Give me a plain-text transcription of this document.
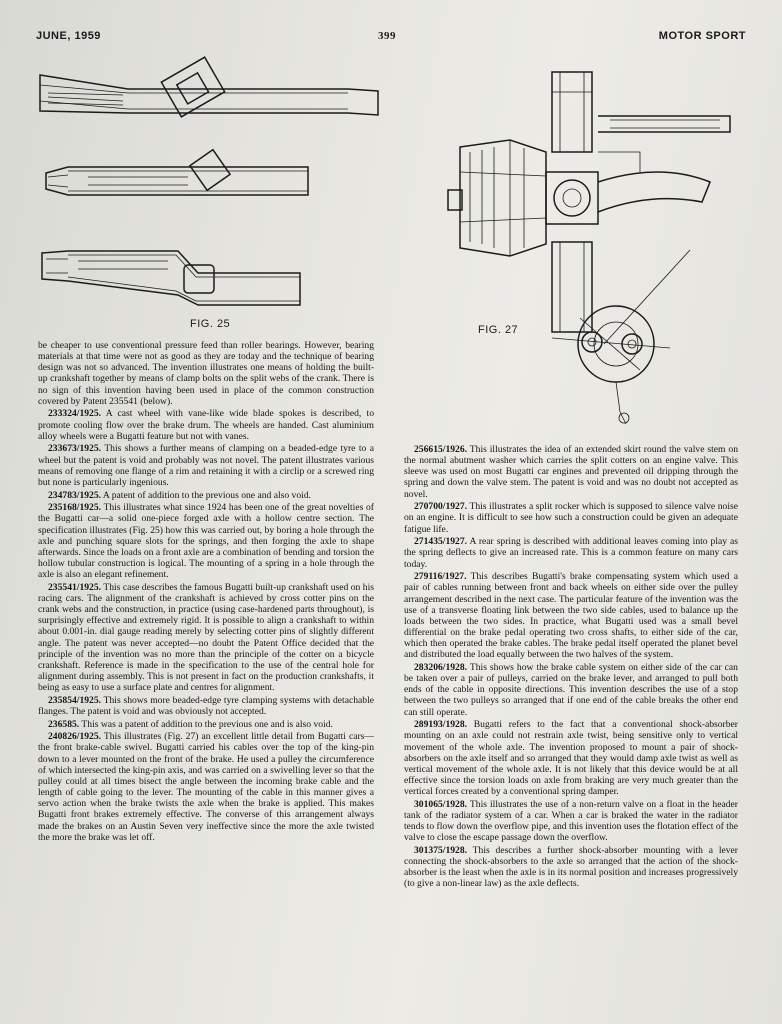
JUNE, 1959	399	MOTOR SPORT
FIG. 25	FIG. 27

be cheaper to use conventional pressure feed than roller bearings. However, bearing materials at that time were not as good as they are today and the technique of bearing design was not so advanced. The invention illustrates one means of holding the built-up crankshaft together by means of clamp bolts on the split webs of the crank. There is no sign of this invention having been used in place of the common construction covered by Patent 235541 (below).

233324/1925. A cast wheel with vane-like wide blade spokes is described, to promote cooling flow over the brake drum. The wheels are handed. Cast aluminium alloy wheels were a Bugatti feature but not with vanes.

233673/1925. This shows a further means of clamping on a beaded-edge tyre to a wheel but the patent is void and probably was not novel. The patent illustrates various means of removing one flange of a rim and retaining it with a circlip or a screwed ring but none is particularly ingenious.

234783/1925. A patent of addition to the previous one and also void.

235168/1925. This illustrates what since 1924 has been one of the great novelties of the Bugatti car—a solid one-piece forged axle with a hollow centre section. The specification illustrates (Fig. 25) how this was carried out, by boring a hole through the axle and punching square slots for the springs, and then forging the axle to shape afterwards. Since the loads on a front axle are a combination of bending and torsion the hollow tubular construction is logical. The mounting of a spring in a hole through the axle is also an elegant refinement.

235541/1925. This case describes the famous Bugatti built-up crankshaft used on his racing cars. The alignment of the crankshaft is achieved by cross cotter pins on the crank webs and the construction, in practice (using case-hardened parts throughout), is surprisingly effective and extremely rigid. It is possible to align a crankshaft to within about 0.001-in. dial gauge reading merely by selecting cotter pins of slightly different angle. The patent was never accepted—no doubt the Patent Office decided that the principle of the invention was no more than the principle of the cotter on a bicycle crankshaft. Reference is made in the specification to the use of the central hole for alignment during assembly. This is not present in fact on the production crankshafts, it being as easy to use a surface plate and centres for alignment.

235854/1925. This shows more beaded-edge tyre clamping systems with detachable flanges. The patent is void and was obviously not accepted.

236585. This was a patent of addition to the previous one and is also void.

240826/1925. This illustrates (Fig. 27) an excellent little detail from Bugatti cars—the front brake-cable swivel. Bugatti carried his cables over the top of the king-pin down to a lever mounted on the front of the brake. He used a pulley the circumference of which intersected the king-pin axis, and was carried on a swivelling lever so that the pulley could at all times bisect the angle between the incoming brake cable and the length of cable going to the lever. The mounting of the cable in this manner gives a servo action when the brake twists the axle when the brake is applied. This makes Bugatti front brakes extremely effective. The converse of this arrangement always made the brakes on an Austin Seven very ineffective since the more the axle twisted the more the brake was let off.

256615/1926. This illustrates the idea of an extended skirt round the valve stem on the normal abutment washer which carries the split cotters on an engine valve. This sleeve was used on most Bugatti car engines and prevented oil dripping through the spring and down the valve stem. The patent is void and was no doubt not accepted as novel.

270700/1927. This illustrates a split rocker which is supposed to silence valve noise on an engine. It is difficult to see how such a construction could be given an adequate fatigue life.

271435/1927. A rear spring is described with additional leaves coming into play as the spring deflects to give an increased rate. This is a common feature on many cars today.

279116/1927. This describes Bugatti's brake compensating system which used a pair of cables running between front and back wheels on either side over the pulley arrangement described in the next case. The particular feature of the invention was the use of a transverse floating link between the two side cables, used to balance up the loads between the two sides. In practice, what Bugatti used was a small bevel differential on the brake pedal operating two cross shafts, to either side of the car, which then operated the brake cables. The brake pedal itself operated the planet bevel and distributed the load equally between the two halves of the system.

283206/1928. This shows how the brake cable system on either side of the car can be taken over a pair of pulleys, carried on the brake lever, and arranged to pull both ends of the cable in opposite directions. This invention describes the use of a stop between the two pulleys so arranged that if one end of the cable breaks the other end can still operate.

289193/1928. Bugatti refers to the fact that a conventional shock-absorber mounting on an axle could not restrain axle twist, being sensitive only to vertical movement of the whole axle. The invention proposed to mount a pair of shock-absorbers on the axle itself and so arranged that they would damp axle twist as well as vertical movement of the whole axle. It is not likely that this device would be at all effective since the torsion loads on axle from braking are very much greater than the vertical forces created by a conventional spring damper.

301065/1928. This illustrates the use of a non-return valve on a float in the header tank of the radiator system of a car. When a car is braked the water in the radiator tends to flow down the overflow pipe, and this invention uses the flotation effect of the valve to close the escape passage down the overflow.

301375/1928. This describes a further shock-absorber mounting with a lever connecting the shock-absorbers to the axle so arranged that the action of the shock-absorber is the least when the axle is in its normal position and increases progressively (to give a non-linear law) as the axle deflects.
